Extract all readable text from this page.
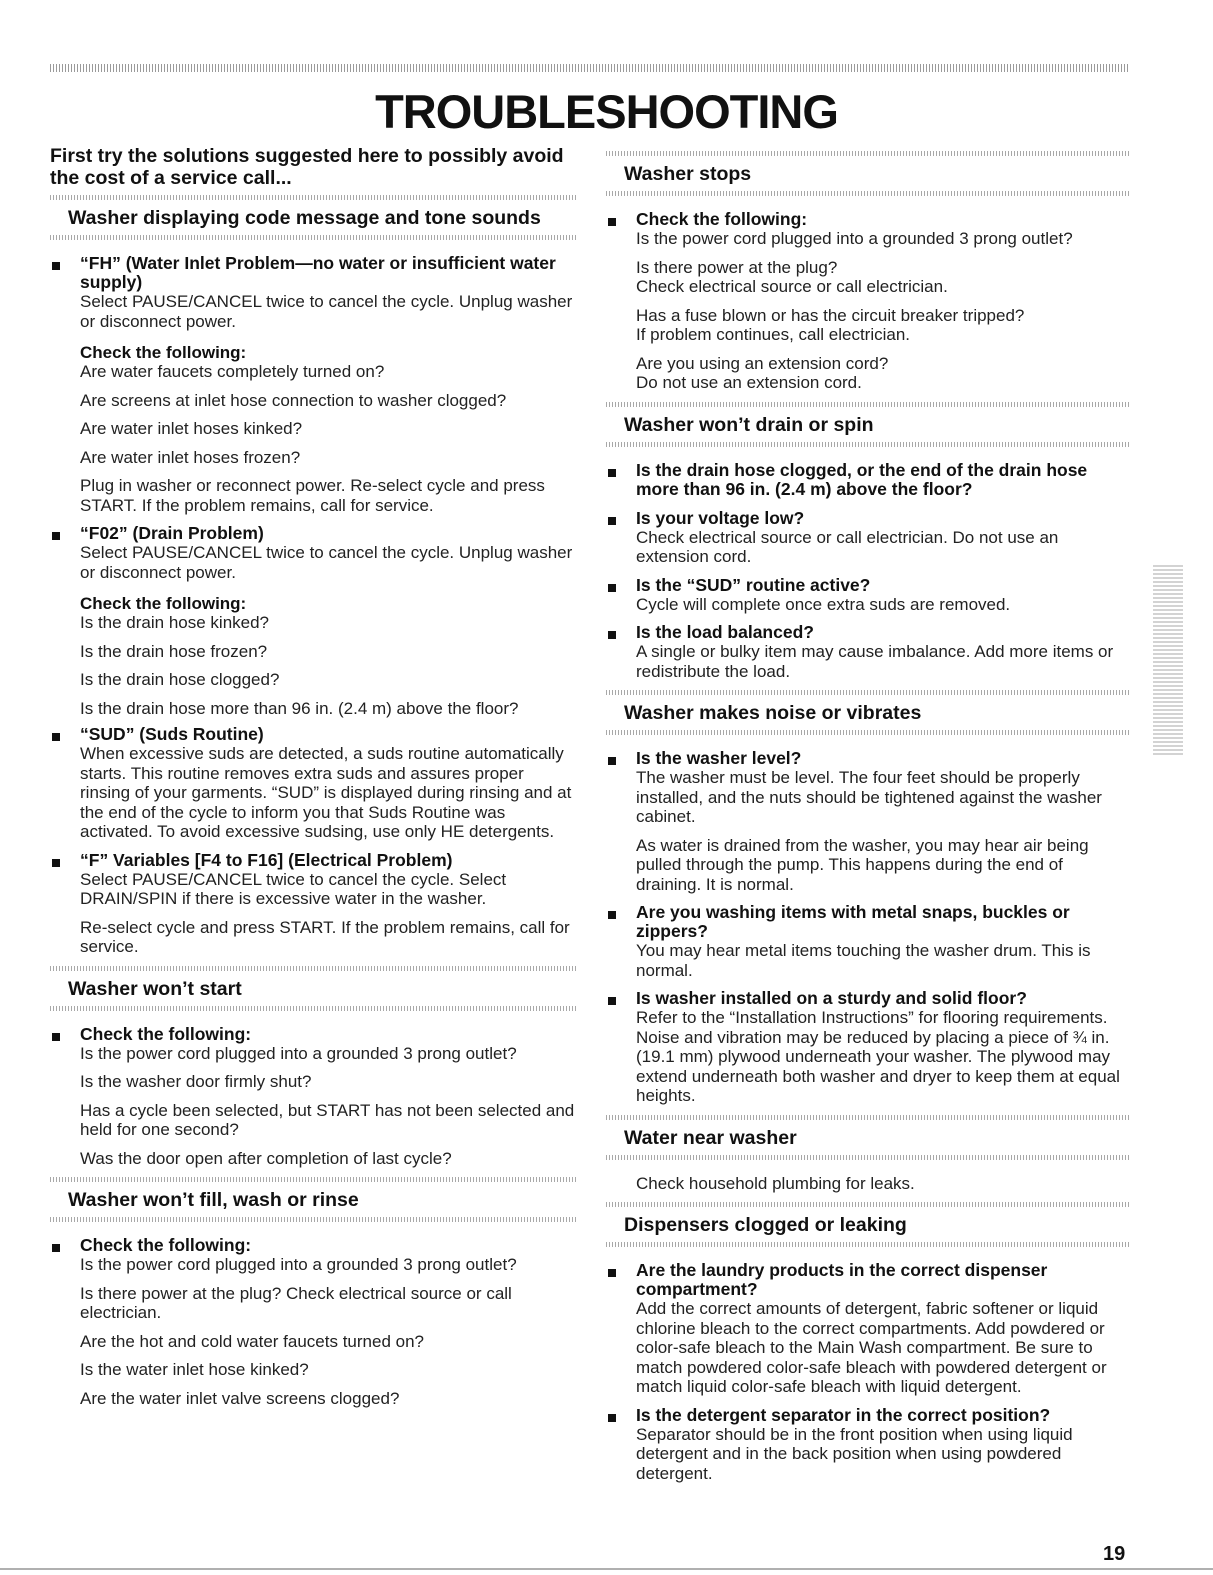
TROUBLESHOOTING
First try the solutions suggested here to possibly avoid the cost of a service call...
Washer displaying code message and tone sounds
“FH” (Water Inlet Problem—no water or insufficient water supply)
Select PAUSE/CANCEL twice to cancel the cycle. Unplug washer or disconnect power.
Check the following:
Are water faucets completely turned on?
Are screens at inlet hose connection to washer clogged?
Are water inlet hoses kinked?
Are water inlet hoses frozen?
Plug in washer or reconnect power. Re-select cycle and press START. If the problem remains, call for service.
“F02” (Drain Problem)
Select PAUSE/CANCEL twice to cancel the cycle. Unplug washer or disconnect power.
Check the following:
Is the drain hose kinked?
Is the drain hose frozen?
Is the drain hose clogged?
Is the drain hose more than 96 in. (2.4 m) above the floor?
“SUD” (Suds Routine)
When excessive suds are detected, a suds routine automatically starts. This routine removes extra suds and assures proper rinsing of your garments. “SUD” is displayed during rinsing and at the end of the cycle to inform you that Suds Routine was activated. To avoid excessive sudsing, use only HE detergents.
“F” Variables [F4 to F16] (Electrical Problem)
Select PAUSE/CANCEL twice to cancel the cycle. Select DRAIN/SPIN if there is excessive water in the washer.
Re-select cycle and press START. If the problem remains, call for service.
Washer won’t start
Check the following:
Is the power cord plugged into a grounded 3 prong outlet?
Is the washer door firmly shut?
Has a cycle been selected, but START has not been selected and held for one second?
Was the door open after completion of last cycle?
Washer won’t fill, wash or rinse
Check the following:
Is the power cord plugged into a grounded 3 prong outlet?
Is there power at the plug? Check electrical source or call electrician.
Are the hot and cold water faucets turned on?
Is the water inlet hose kinked?
Are the water inlet valve screens clogged?
Washer stops
Check the following:
Is the power cord plugged into a grounded 3 prong outlet?
Is there power at the plug?
Check electrical source or call electrician.
Has a fuse blown or has the circuit breaker tripped?
If problem continues, call electrician.
Are you using an extension cord?
Do not use an extension cord.
Washer won’t drain or spin
Is the drain hose clogged, or the end of the drain hose more than 96 in. (2.4 m) above the floor?
Is your voltage low?
Check electrical source or call electrician. Do not use an extension cord.
Is the “SUD” routine active?
Cycle will complete once extra suds are removed.
Is the load balanced?
A single or bulky item may cause imbalance. Add more items or redistribute the load.
Washer makes noise or vibrates
Is the washer level?
The washer must be level. The four feet should be properly installed, and the nuts should be tightened against the washer cabinet.
As water is drained from the washer, you may hear air being pulled through the pump. This happens during the end of draining. It is normal.
Are you washing items with metal snaps, buckles or zippers?
You may hear metal items touching the washer drum. This is normal.
Is washer installed on a sturdy and solid floor?
Refer to the “Installation Instructions” for flooring requirements. Noise and vibration may be reduced by placing a piece of ¾ in. (19.1 mm) plywood underneath your washer. The plywood may extend underneath both washer and dryer to keep them at equal heights.
Water near washer
Check household plumbing for leaks.
Dispensers clogged or leaking
Are the laundry products in the correct dispenser compartment?
Add the correct amounts of detergent, fabric softener or liquid chlorine bleach to the correct compartments. Add powdered or color-safe bleach to the Main Wash compartment. Be sure to match powdered color-safe bleach with powdered detergent or match liquid color-safe bleach with liquid detergent.
Is the detergent separator in the correct position?
Separator should be in the front position when using liquid detergent and in the back position when using powdered detergent.
19
